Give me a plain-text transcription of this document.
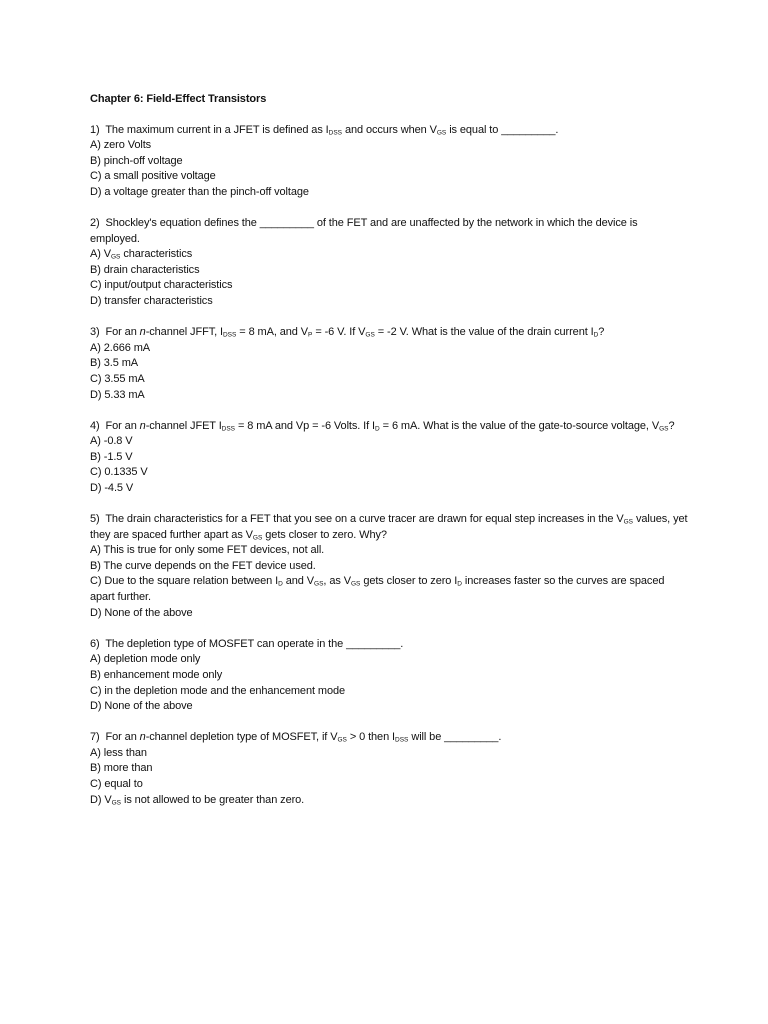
Chapter 6: Field-Effect Transistors

1) The maximum current in a JFET is defined as $I_{DSS}$ and occurs when $V_{GS}$ is equal to _________.

A) zero Volts

B) pinch-off voltage

C) a small positive voltage

D) a voltage greater than the pinch-off voltage

2) Shockley's equation defines the _________ of the FET and are unaffected by the network in which the device is employed.

A) $V_{GS}$ characteristics

B) drain characteristics

C) input/output characteristics

D) transfer characteristics

3) For an n-channel JFFT, $I_{DSS} = 8$ mA, and $V_P = -6$ V. If $V_{GS} = -2$ V. What is the value of the drain current $I_D$?

A) 2.666 mA

B) 3.5 mA

C) 3.55 mA

D) 5.33 mA

4) For an n-channel JFET $I_{DSS} = 8$ mA and Vp = -6 Volts. If $I_D = 6$ mA. What is the value of the gate-to-source voltage, $V_{GS}$?

A) -0.8 V

B) -1.5 V

C) 0.1335 V

D) -4.5 V

5) The drain characteristics for a FET that you see on a curve tracer are drawn for equal step increases in the $V_{GS}$ values, yet they are spaced further apart as $V_{GS}$ gets closer to zero. Why?

A) This is true for only some FET devices, not all.

B) The curve depends on the FET device used.

C) Due to the square relation between $I_D$ and $V_{GS}$, as $V_{GS}$ gets closer to zero $I_D$ increases faster so the curves are spaced apart further.

D) None of the above

6) The depletion type of MOSFET can operate in the _________.

A) depletion mode only

B) enhancement mode only

C) in the depletion mode and the enhancement mode

D) None of the above

7) For an n-channel depletion type of MOSFET, if $V_{GS} > 0$ then $I_{DSS}$ will be _________.

A) less than

B) more than

C) equal to

D) $V_{GS}$ is not allowed to be greater than zero.
